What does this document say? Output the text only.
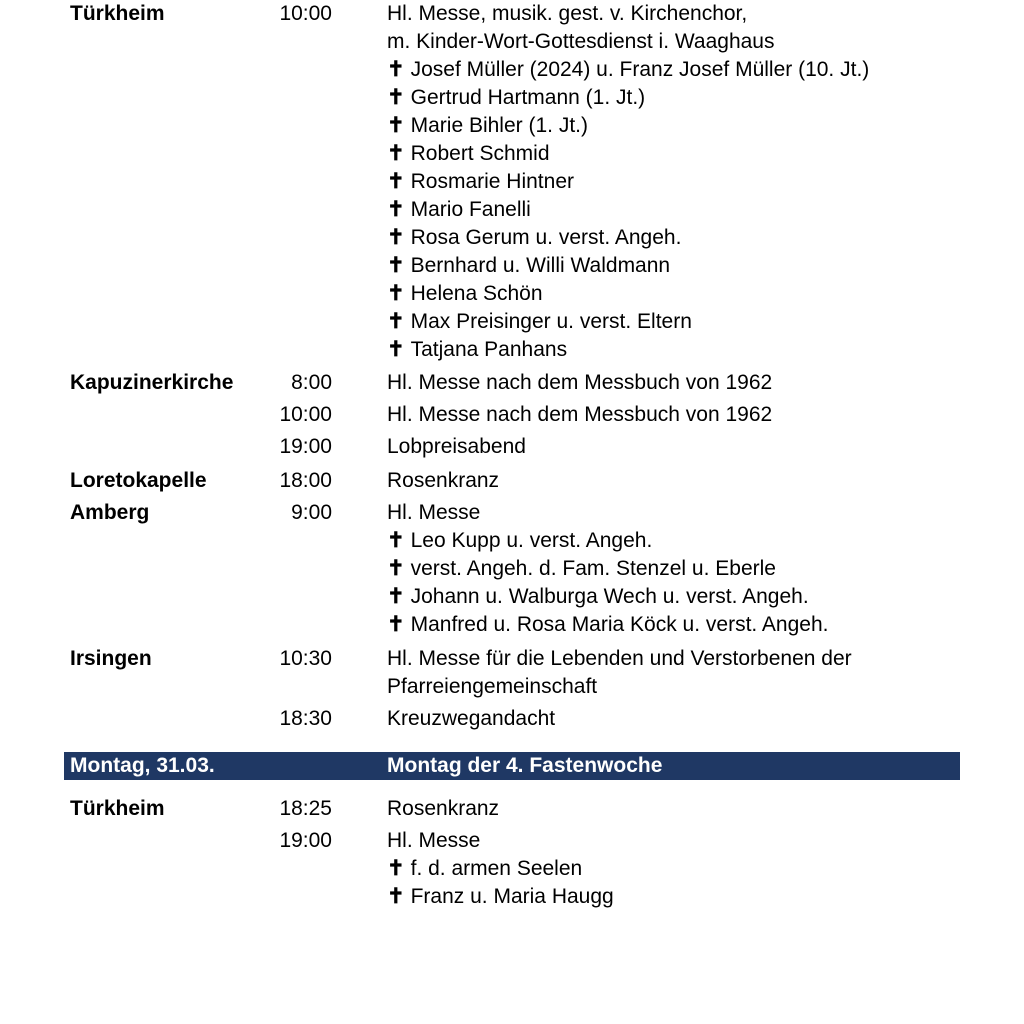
Türkheim	10:00	Hl. Messe, musik. gest. v. Kirchenchor,
m. Kinder-Wort-Gottesdienst i. Waaghaus
✝ Josef Müller (2024) u. Franz Josef Müller (10. Jt.)
✝ Gertrud Hartmann (1. Jt.)
✝ Marie Bihler (1. Jt.)
✝ Robert Schmid
✝ Rosmarie Hintner
✝ Mario Fanelli
✝ Rosa Gerum u. verst. Angeh.
✝ Bernhard u. Willi Waldmann
✝ Helena Schön
✝ Max Preisinger u. verst. Eltern
✝ Tatjana Panhans
Kapuzinerkirche	8:00	Hl. Messe nach dem Messbuch von 1962
10:00	Hl. Messe nach dem Messbuch von 1962
19:00	Lobpreisabend
Loretokapelle	18:00	Rosenkranz
Amberg	9:00	Hl. Messe
✝ Leo Kupp u. verst. Angeh.
✝ verst. Angeh. d. Fam. Stenzel u. Eberle
✝ Johann u. Walburga Wech u. verst. Angeh.
✝ Manfred u. Rosa Maria Köck u. verst. Angeh.
Irsingen	10:30	Hl. Messe für die Lebenden und Verstorbenen der
Pfarreiengemeinschaft
18:30	Kreuzwegandacht
Montag, 31.03.	Montag der 4. Fastenwoche
Türkheim	18:25	Rosenkranz
19:00	Hl. Messe
✝ f. d. armen Seelen
✝ Franz u. Maria Haugg
